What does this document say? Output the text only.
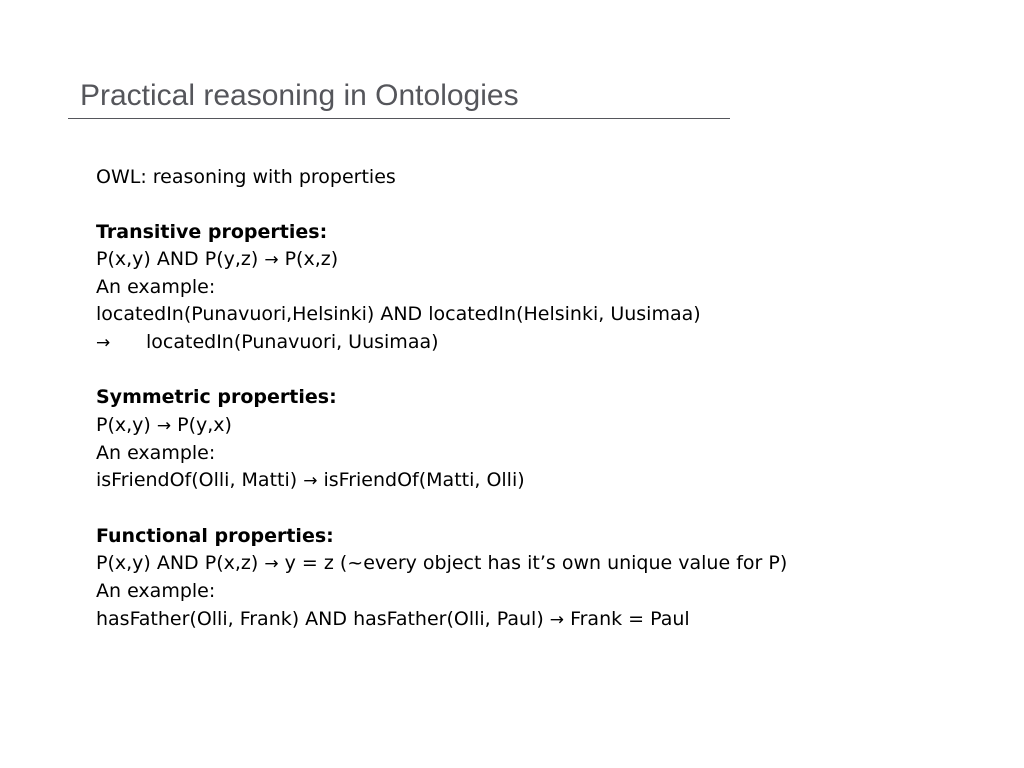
Practical reasoning in Ontologies
OWL: reasoning with properties
Transitive properties:
P(x,y) AND P(y,z) → P(x,z)
An example:
locatedIn(Punavuori,Helsinki) AND locatedIn(Helsinki, Uusimaa)
→ locatedIn(Punavuori, Uusimaa)
Symmetric properties:
P(x,y) → P(y,x)
An example:
isFriendOf(Olli, Matti) → isFriendOf(Matti, Olli)
Functional properties:
P(x,y) AND P(x,z) → y = z (~every object has it’s own unique value for P)
An example:
hasFather(Olli, Frank) AND hasFather(Olli, Paul) → Frank = Paul
